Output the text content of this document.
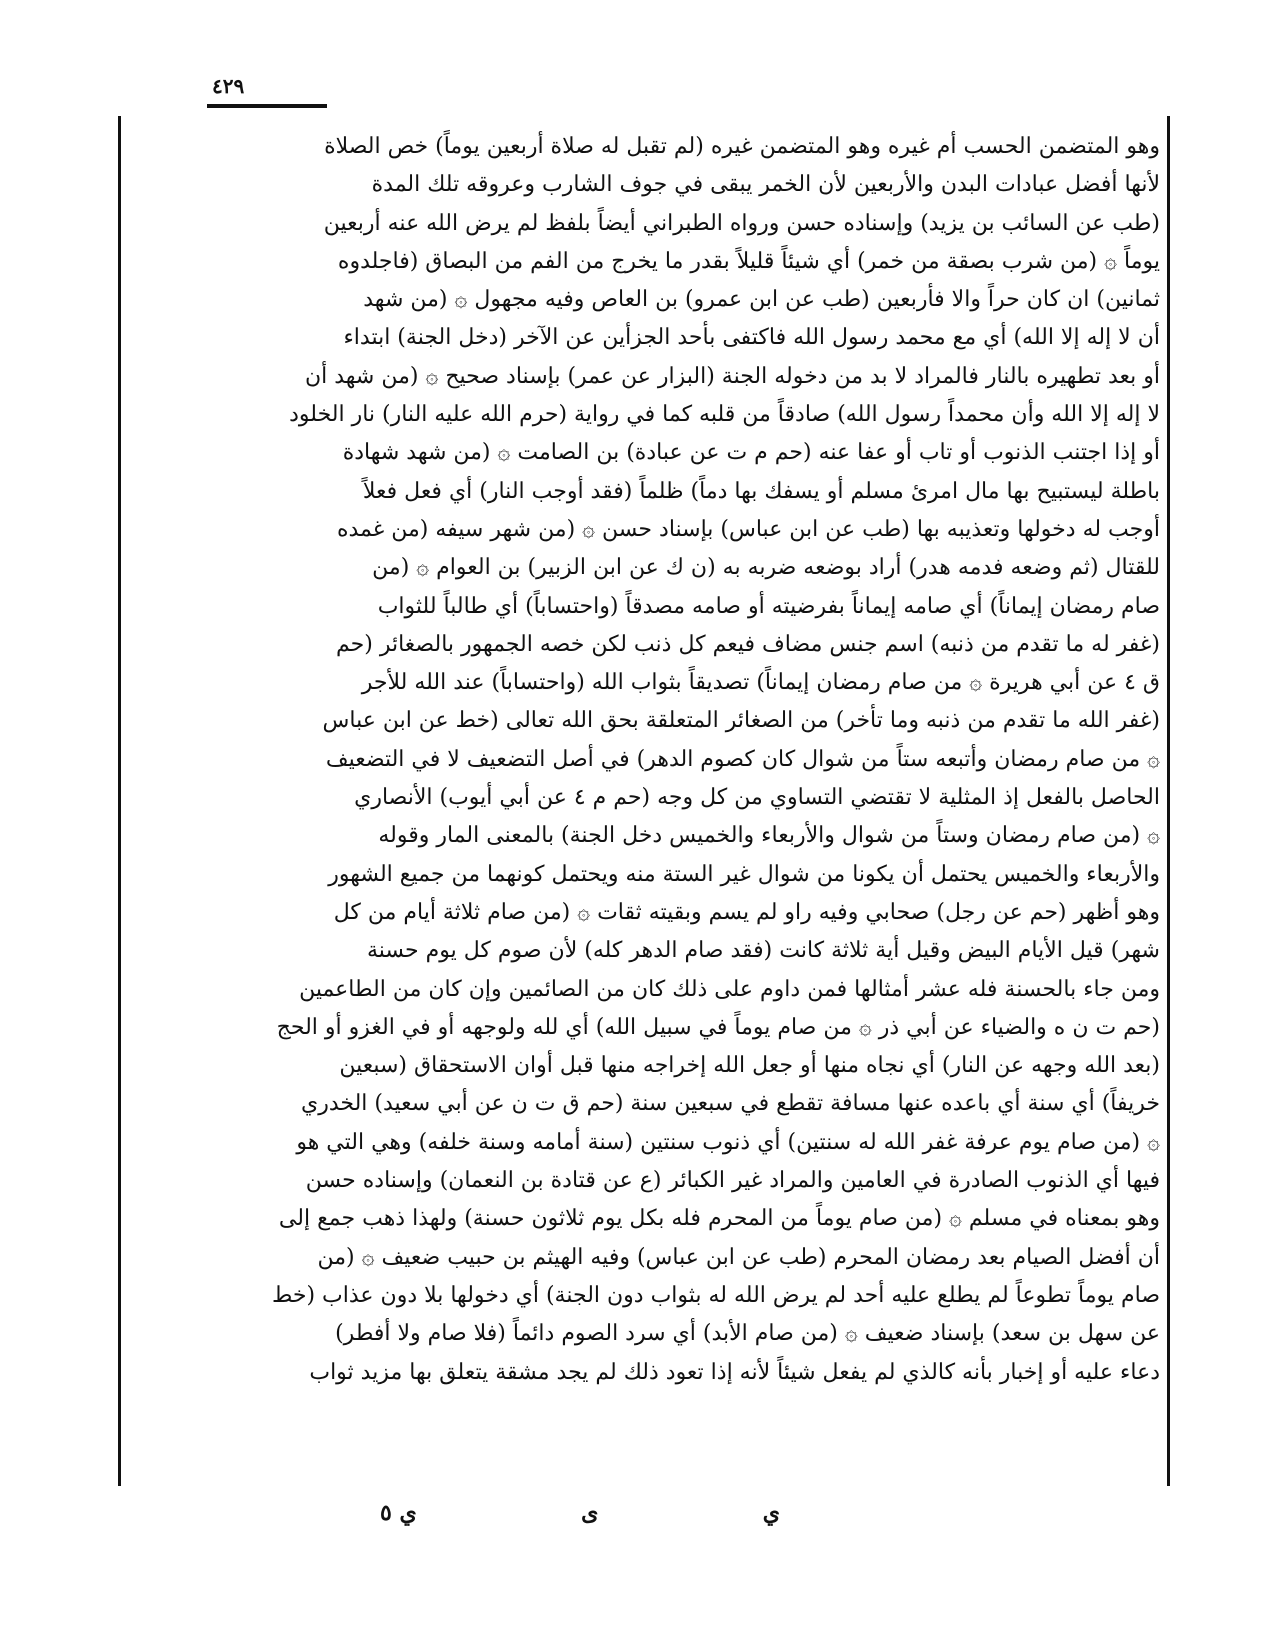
٤٢٩
وهو المتضمن الحسب أم غيره وهو المتضمن غيره (لم تقبل له صلاة أربعين يوماً) خص الصلاة
لأنها أفضل عبادات البدن والأربعين لأن الخمر يبقى في جوف الشارب وعروقه تلك المدة
(طب عن السائب بن يزيد) وإسناده حسن ورواه الطبراني أيضاً بلفظ لم يرض الله عنه أربعين
يوماً ۞ (من شرب بصقة من خمر) أي شيئاً قليلاً بقدر ما يخرج من الفم من البصاق (فاجلدوه
ثمانين) ان كان حراً والا فأربعين (طب عن ابن عمرو) بن العاص وفيه مجهول ۞ (من شهد
أن لا إله إلا الله) أي مع محمد رسول الله فاكتفى بأحد الجزأين عن الآخر (دخل الجنة) ابتداء
أو بعد تطهيره بالنار فالمراد لا بد من دخوله الجنة (البزار عن عمر) بإسناد صحيح ۞ (من شهد أن
لا إله إلا الله وأن محمداً رسول الله) صادقاً من قلبه كما في رواية (حرم الله عليه النار) نار الخلود
أو إذا اجتنب الذنوب أو تاب أو عفا عنه (حم م ت عن عبادة) بن الصامت ۞ (من شهد شهادة
باطلة ليستبيح بها مال امرئ مسلم أو يسفك بها دماً) ظلماً (فقد أوجب النار) أي فعل فعلاً
أوجب له دخولها وتعذيبه بها (طب عن ابن عباس) بإسناد حسن ۞ (من شهر سيفه (من غمده
للقتال (ثم وضعه فدمه هدر) أراد بوضعه ضربه به (ن ك عن ابن الزبير) بن العوام ۞ (من
صام رمضان إيماناً) أي صامه إيماناً بفرضيته أو صامه مصدقاً (واحتساباً) أي طالباً للثواب
(غفر له ما تقدم من ذنبه) اسم جنس مضاف فيعم كل ذنب لكن خصه الجمهور بالصغائر (حم
ق ٤ عن أبي هريرة ۞ من صام رمضان إيماناً) تصديقاً بثواب الله (واحتساباً) عند الله للأجر
(غفر الله ما تقدم من ذنبه وما تأخر) من الصغائر المتعلقة بحق الله تعالى (خط عن ابن عباس
۞ من صام رمضان وأتبعه ستاً من شوال كان كصوم الدهر) في أصل التضعيف لا في التضعيف
الحاصل بالفعل إذ المثلية لا تقتضي التساوي من كل وجه (حم م ٤ عن أبي أيوب) الأنصاري
۞ (من صام رمضان وستاً من شوال والأربعاء والخميس دخل الجنة) بالمعنى المار وقوله
والأربعاء والخميس يحتمل أن يكونا من شوال غير الستة منه ويحتمل كونهما من جميع الشهور
وهو أظهر (حم عن رجل) صحابي وفيه راو لم يسم وبقيته ثقات ۞ (من صام ثلاثة أيام من كل
شهر) قيل الأيام البيض وقيل أية ثلاثة كانت (فقد صام الدهر كله) لأن صوم كل يوم حسنة
ومن جاء بالحسنة فله عشر أمثالها فمن داوم على ذلك كان من الصائمين وإن كان من الطاعمين
(حم ت ن ه والضياء عن أبي ذر ۞ من صام يوماً في سبيل الله) أي لله ولوجهه أو في الغزو أو الحج
(بعد الله وجهه عن النار) أي نجاه منها أو جعل الله إخراجه منها قبل أوان الاستحقاق (سبعين
خريفاً) أي سنة أي باعده عنها مسافة تقطع في سبعين سنة (حم ق ت ن عن أبي سعيد) الخدري
۞ (من صام يوم عرفة غفر الله له سنتين) أي ذنوب سنتين (سنة أمامه وسنة خلفه) وهي التي هو
فيها أي الذنوب الصادرة في العامين والمراد غير الكبائر (ع عن قتادة بن النعمان) وإسناده حسن
وهو بمعناه في مسلم ۞ (من صام يوماً من المحرم فله بكل يوم ثلاثون حسنة) ولهذا ذهب جمع إلى
أن أفضل الصيام بعد رمضان المحرم (طب عن ابن عباس) وفيه الهيثم بن حبيب ضعيف ۞ (من
صام يوماً تطوعاً لم يطلع عليه أحد لم يرض الله له بثواب دون الجنة) أي دخولها بلا دون عذاب (خط
عن سهل بن سعد) بإسناد ضعيف ۞ (من صام الأبد) أي سرد الصوم دائماً (فلا صام ولا أفطر)
دعاء عليه أو إخبار بأنه كالذي لم يفعل شيئاً لأنه إذا تعود ذلك لم يجد مشقة يتعلق بها مزيد ثواب
ي
ى
ي ٥
